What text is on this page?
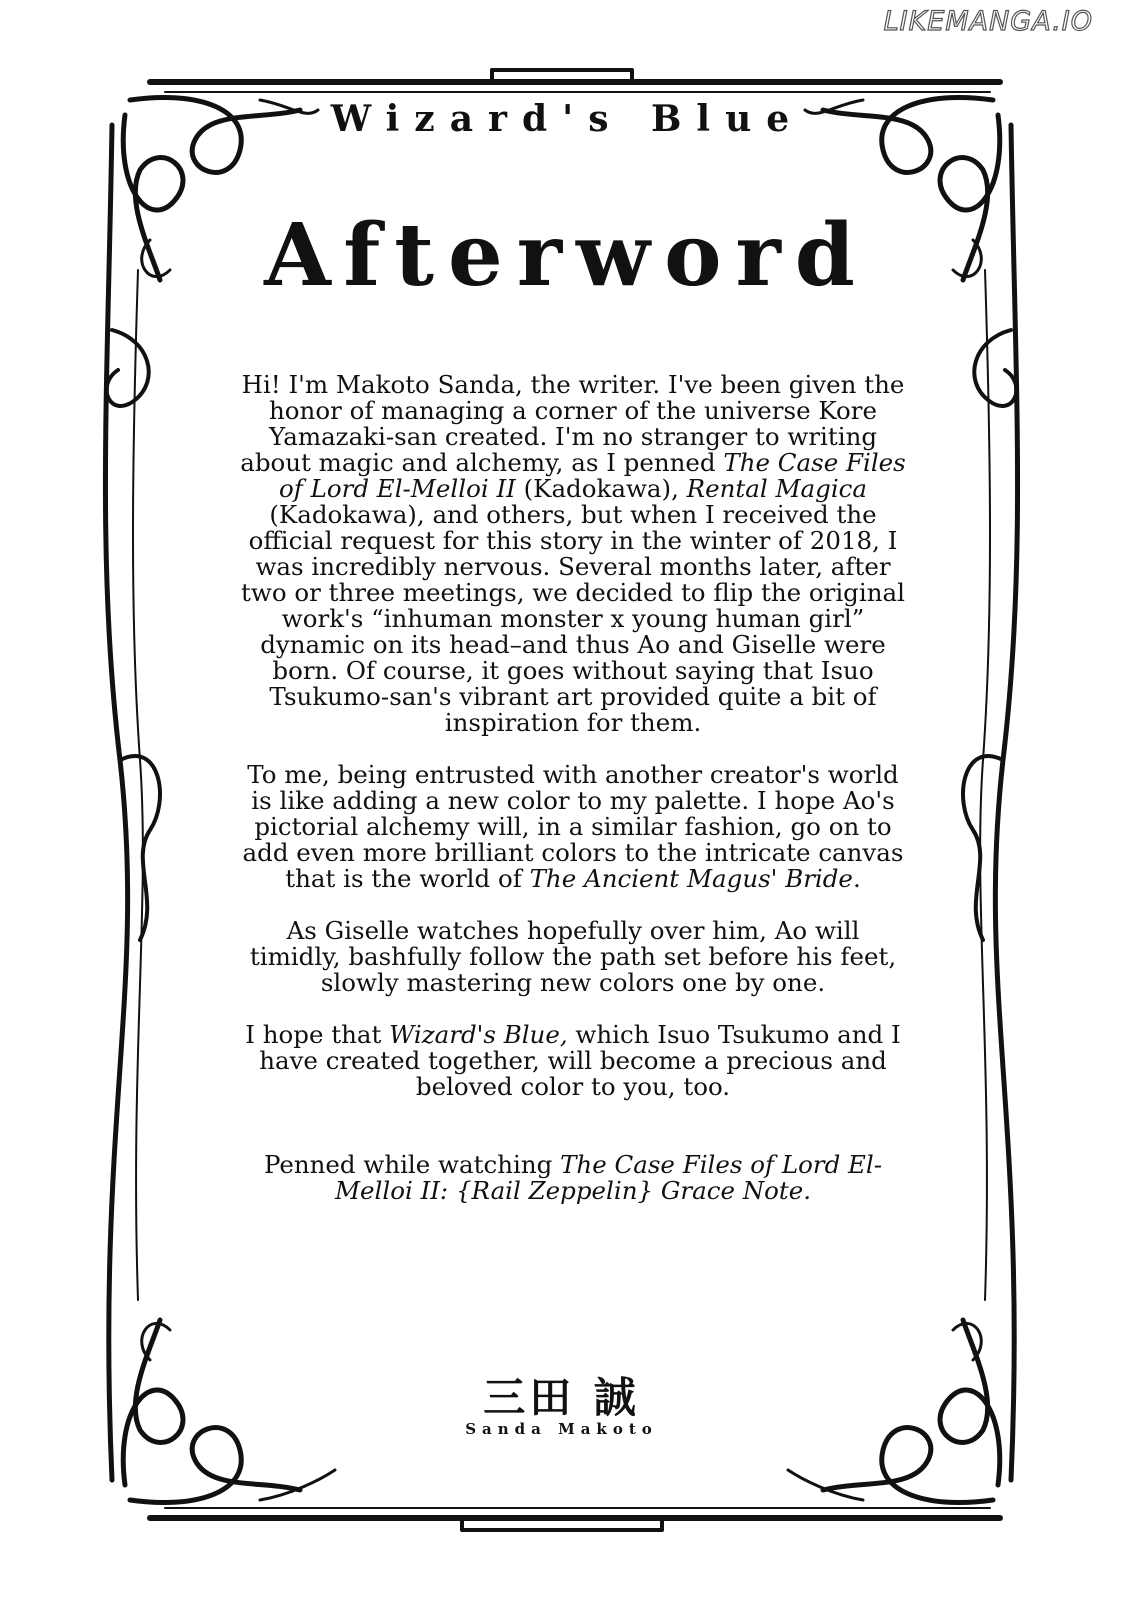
LIKEMANGA.IO
Wizard's Blue
Afterword

Hi! I'm Makoto Sanda, the writer. I've been given the honor of managing a corner of the universe Kore Yamazaki-san created. I'm no stranger to writing about magic and alchemy, as I penned The Case Files of Lord El-Melloi II (Kadokawa), Rental Magica (Kadokawa), and others, but when I received the official request for this story in the winter of 2018, I was incredibly nervous. Several months later, after two or three meetings, we decided to flip the original work's “inhuman monster x young human girl” dynamic on its head–and thus Ao and Giselle were born. Of course, it goes without saying that Isuo Tsukumo-san's vibrant art provided quite a bit of inspiration for them.

To me, being entrusted with another creator's world is like adding a new color to my palette. I hope Ao's pictorial alchemy will, in a similar fashion, go on to add even more brilliant colors to the intricate canvas that is the world of The Ancient Magus' Bride.

As Giselle watches hopefully over him, Ao will timidly, bashfully follow the path set before his feet, slowly mastering new colors one by one.

I hope that Wizard's Blue, which Isuo Tsukumo and I have created together, will become a precious and beloved color to you, too.

Penned while watching The Case Files of Lord El-Melloi II: {Rail Zeppelin} Grace Note.

三田 誠
Sanda Makoto
